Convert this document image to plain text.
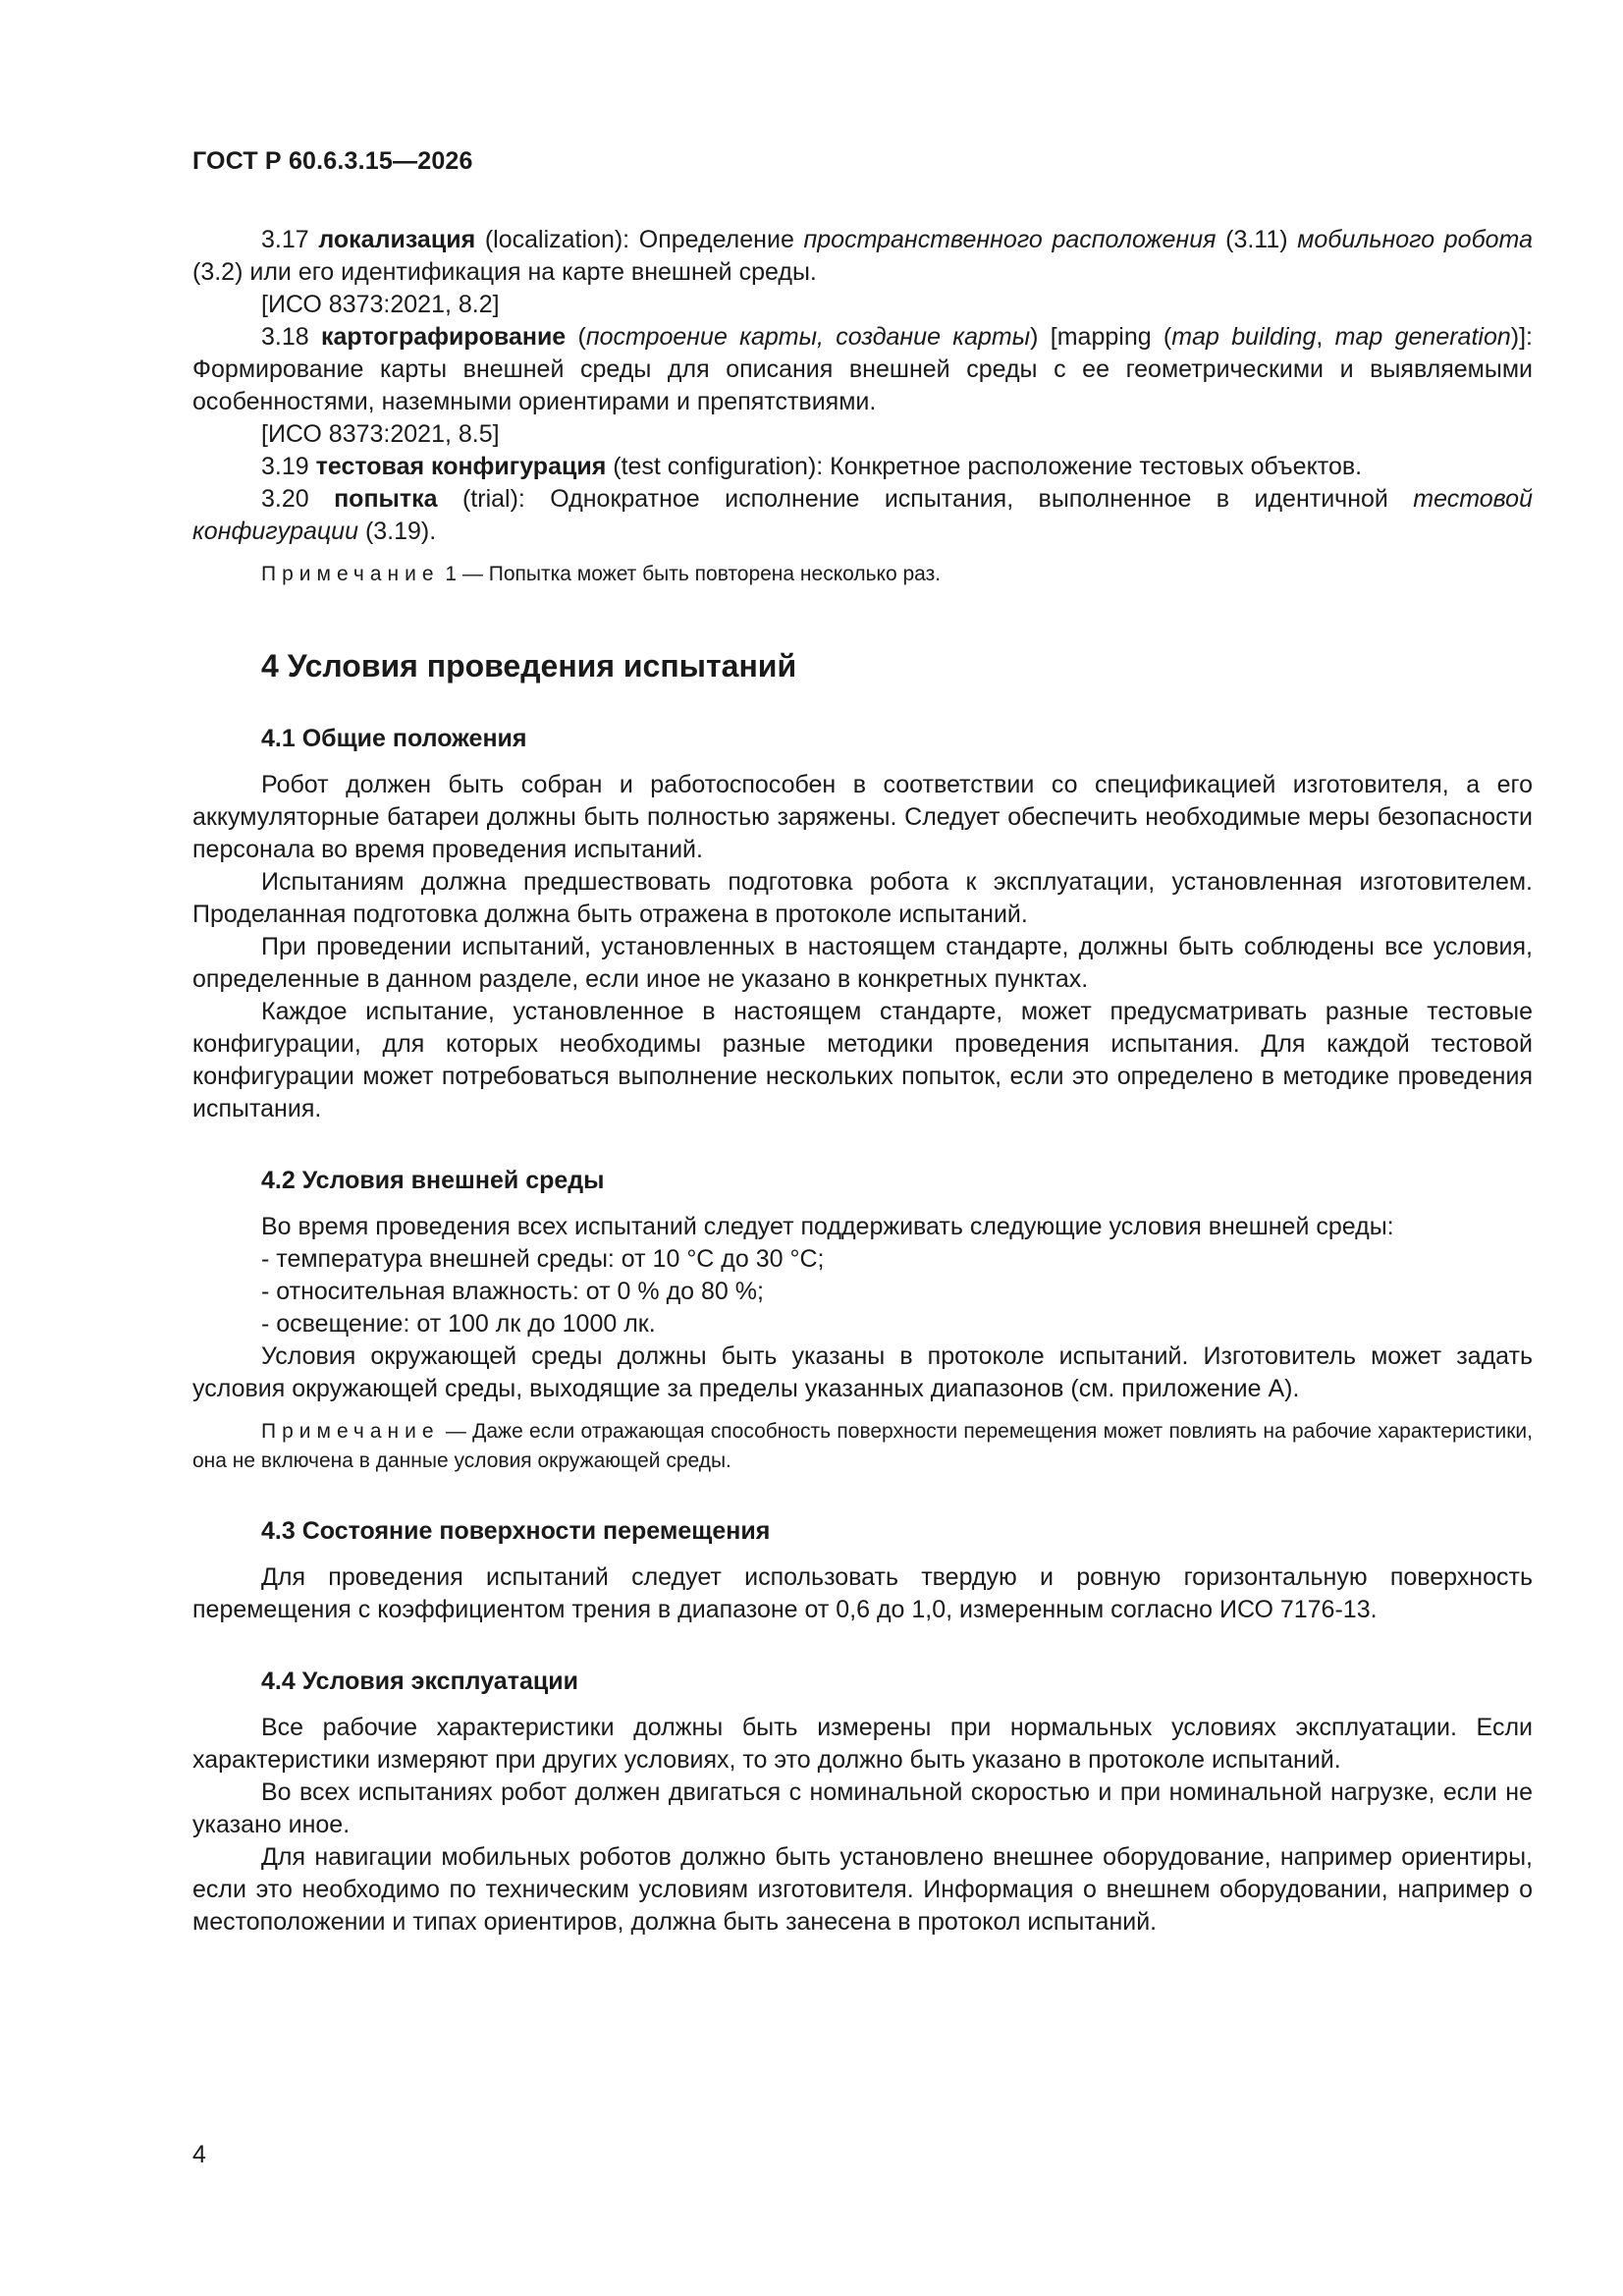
ГОСТ Р 60.6.3.15—2026

3.17 локализация (localization): Определение пространственного расположения (3.11) мобильного робота (3.2) или его идентификация на карте внешней среды.

[ИСО 8373:2021, 8.2]

3.18 картографирование (построение карты, создание карты) [mapping (map building, map generation)]: Формирование карты внешней среды для описания внешней среды с ее геометрическими и выявляемыми особенностями, наземными ориентирами и препятствиями.

[ИСО 8373:2021, 8.5]

3.19 тестовая конфигурация (test configuration): Конкретное расположение тестовых объектов.

3.20 попытка (trial): Однократное исполнение испытания, выполненное в идентичной тестовой конфигурации (3.19).

Примечание 1 — Попытка может быть повторена несколько раз.

4 Условия проведения испытаний
4.1 Общие положения

Робот должен быть собран и работоспособен в соответствии со спецификацией изготовителя, а его аккумуляторные батареи должны быть полностью заряжены. Следует обеспечить необходимые меры безопасности персонала во время проведения испытаний.

Испытаниям должна предшествовать подготовка робота к эксплуатации, установленная изготовителем. Проделанная подготовка должна быть отражена в протоколе испытаний.

При проведении испытаний, установленных в настоящем стандарте, должны быть соблюдены все условия, определенные в данном разделе, если иное не указано в конкретных пунктах.

Каждое испытание, установленное в настоящем стандарте, может предусматривать разные тестовые конфигурации, для которых необходимы разные методики проведения испытания. Для каждой тестовой конфигурации может потребоваться выполнение нескольких попыток, если это определено в методике проведения испытания.

4.2 Условия внешней среды

Во время проведения всех испытаний следует поддерживать следующие условия внешней среды:

- температура внешней среды: от 10 °С до 30 °С;

- относительная влажность: от 0 % до 80 %;

- освещение: от 100 лк до 1000 лк.

Условия окружающей среды должны быть указаны в протоколе испытаний. Изготовитель может задать условия окружающей среды, выходящие за пределы указанных диапазонов (см. приложение А).

Примечание — Даже если отражающая способность поверхности перемещения может повлиять на рабочие характеристики, она не включена в данные условия окружающей среды.

4.3 Состояние поверхности перемещения

Для проведения испытаний следует использовать твердую и ровную горизонтальную поверхность перемещения с коэффициентом трения в диапазоне от 0,6 до 1,0, измеренным согласно ИСО 7176-13.

4.4 Условия эксплуатации

Все рабочие характеристики должны быть измерены при нормальных условиях эксплуатации. Если характеристики измеряют при других условиях, то это должно быть указано в протоколе испытаний.

Во всех испытаниях робот должен двигаться с номинальной скоростью и при номинальной нагрузке, если не указано иное.

Для навигации мобильных роботов должно быть установлено внешнее оборудование, например ориентиры, если это необходимо по техническим условиям изготовителя. Информация о внешнем оборудовании, например о местоположении и типах ориентиров, должна быть занесена в протокол испытаний.

4
